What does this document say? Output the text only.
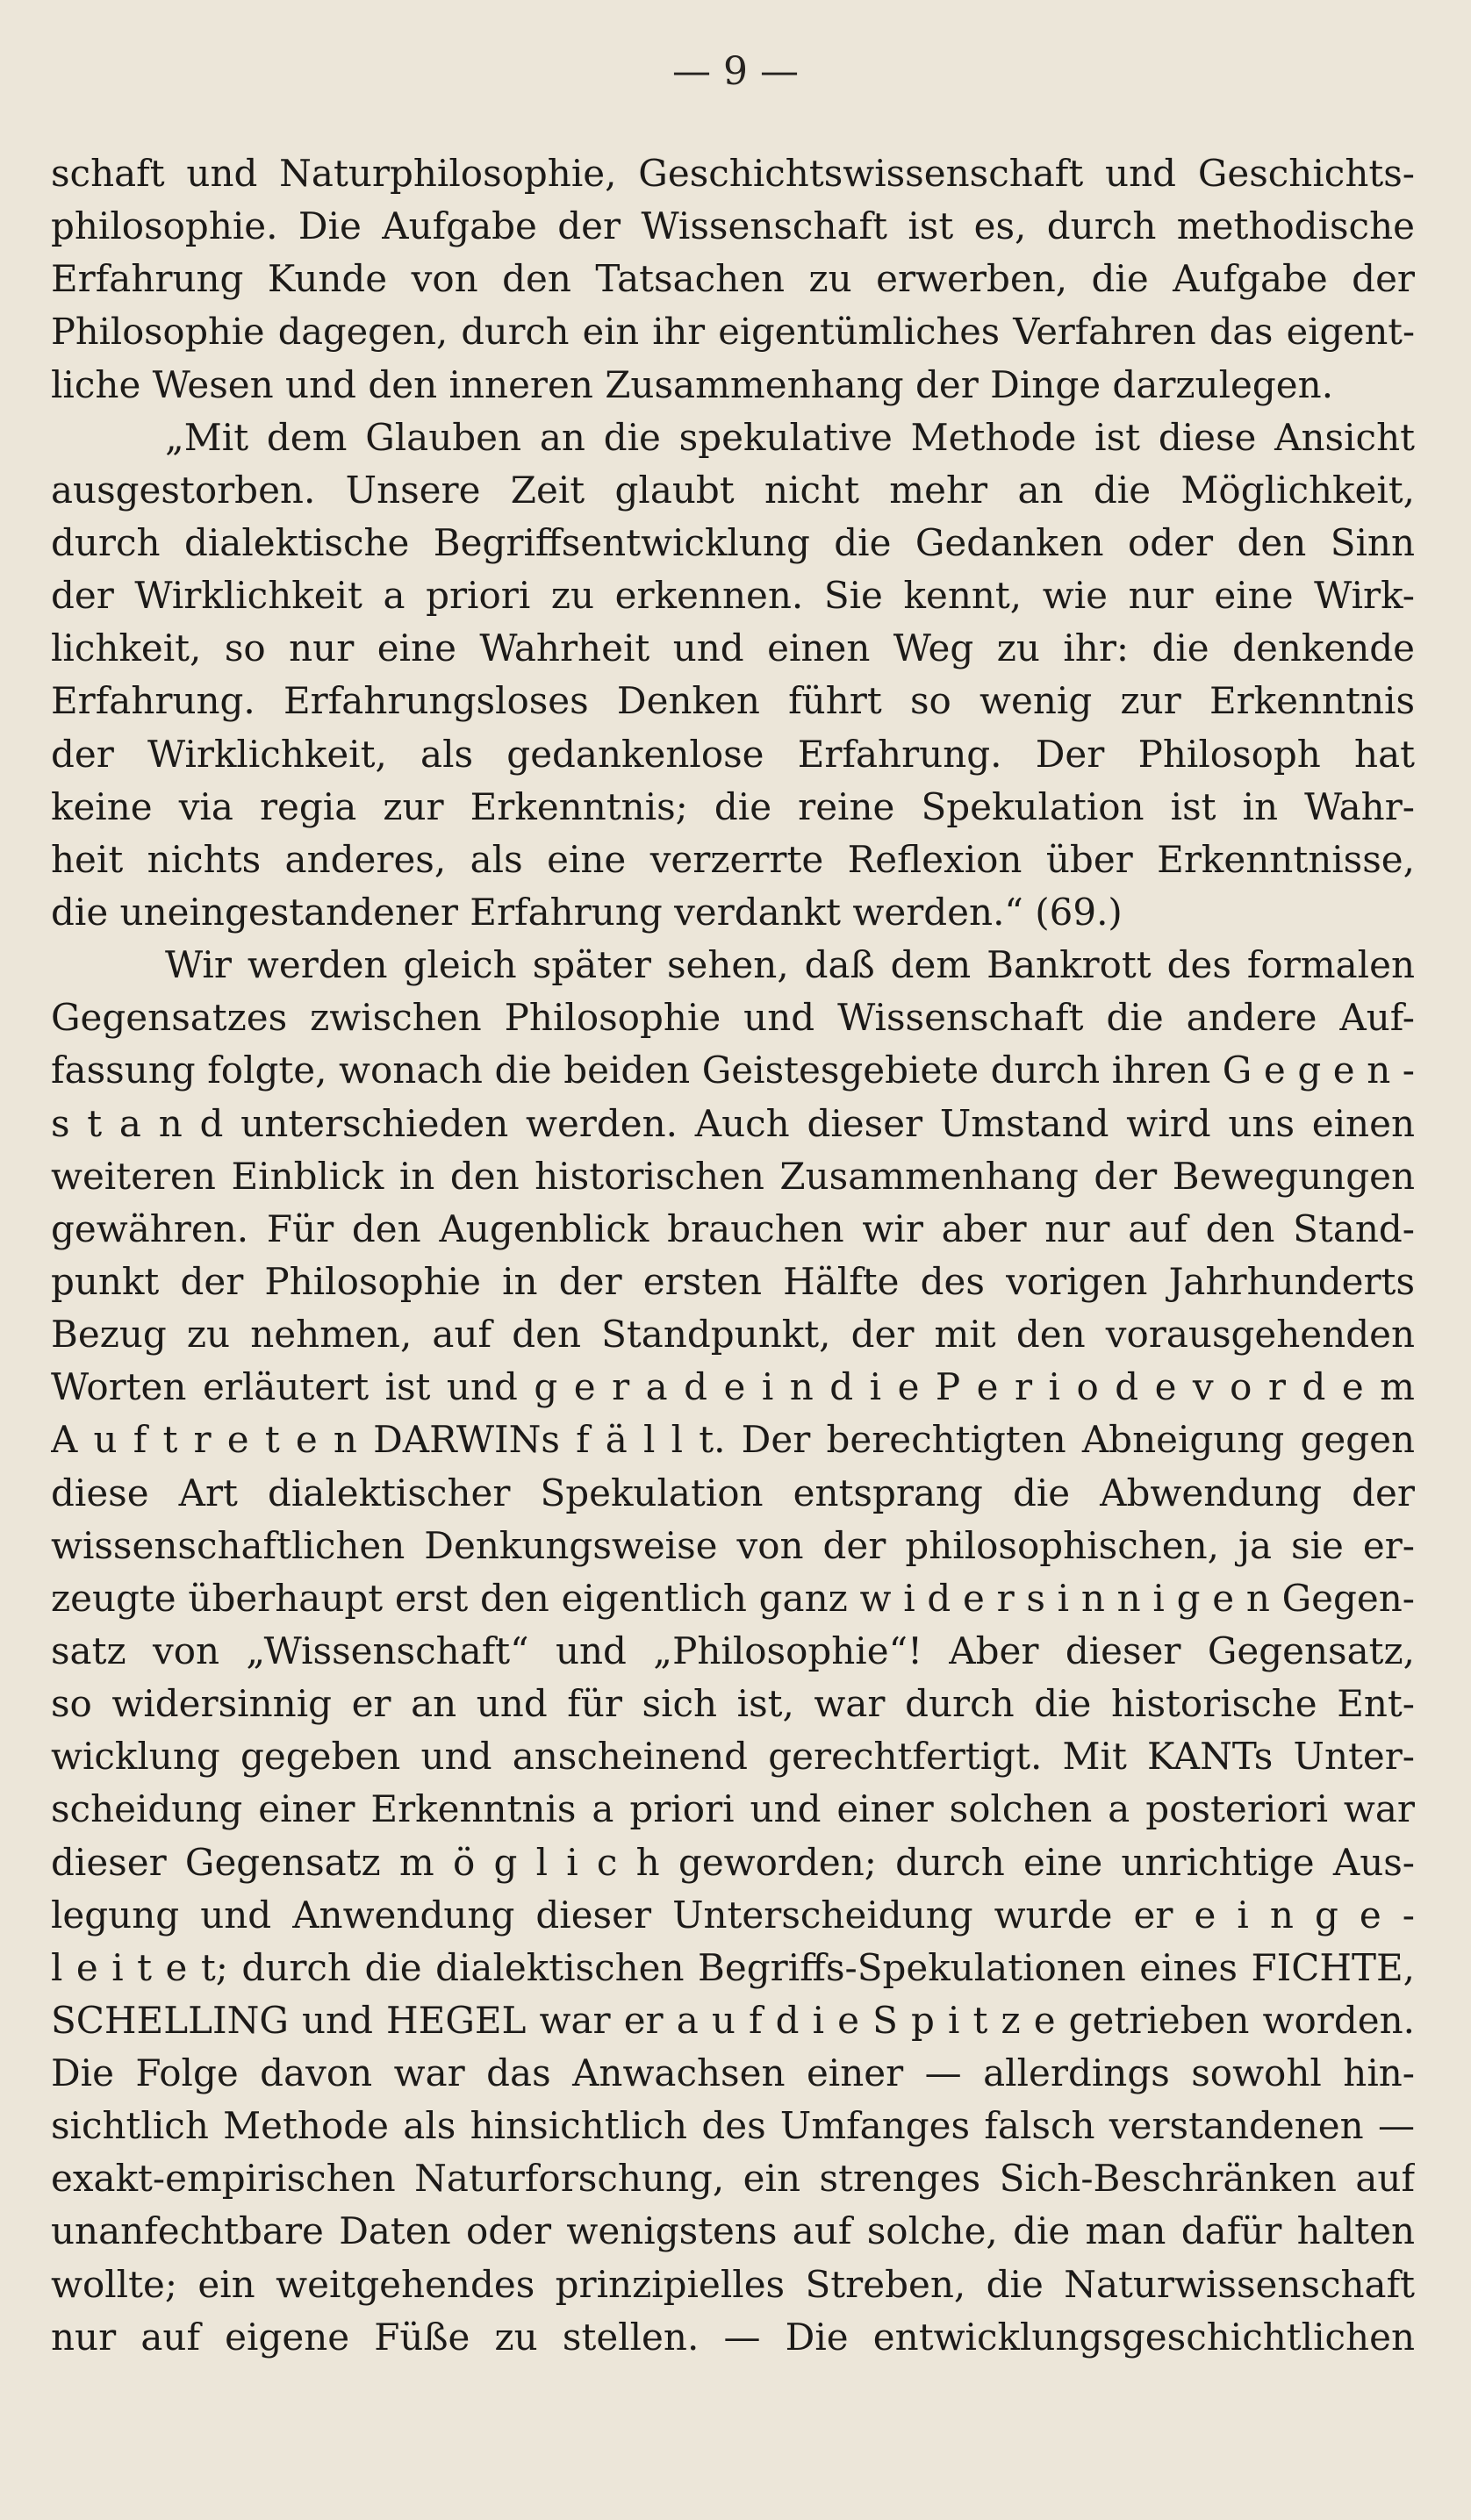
— 9 —
schaft und Naturphilosophie, Geschichtswissenschaft und Geschichts-
philosophie. Die Aufgabe der Wissenschaft ist es, durch methodische
Erfahrung Kunde von den Tatsachen zu erwerben, die Aufgabe der
Philosophie dagegen, durch ein ihr eigentümliches Verfahren das eigent-
liche Wesen und den inneren Zusammenhang der Dinge darzulegen.
„Mit dem Glauben an die spekulative Methode ist diese Ansicht
ausgestorben. Unsere Zeit glaubt nicht mehr an die Möglichkeit,
durch dialektische Begriffsentwicklung die Gedanken oder den Sinn
der Wirklichkeit a priori zu erkennen. Sie kennt, wie nur eine Wirk-
lichkeit, so nur eine Wahrheit und einen Weg zu ihr: die denkende
Erfahrung. Erfahrungsloses Denken führt so wenig zur Erkenntnis
der Wirklichkeit, als gedankenlose Erfahrung. Der Philosoph hat
keine via regia zur Erkenntnis; die reine Spekulation ist in Wahr-
heit nichts anderes, als eine verzerrte Reflexion über Erkenntnisse,
die uneingestandener Erfahrung verdankt werden.“ (69.)
Wir werden gleich später sehen, daß dem Bankrott des formalen
Gegensatzes zwischen Philosophie und Wissenschaft die andere Auf-
fassung folgte, wonach die beiden Geistesgebiete durch ihren G e g e n -
s t a n d unterschieden werden. Auch dieser Umstand wird uns einen
weiteren Einblick in den historischen Zusammenhang der Bewegungen
gewähren. Für den Augenblick brauchen wir aber nur auf den Stand-
punkt der Philosophie in der ersten Hälfte des vorigen Jahrhunderts
Bezug zu nehmen, auf den Standpunkt, der mit den vorausgehenden
Worten erläutert ist und g e r a d e i n d i e P e r i o d e v o r d e m
A u f t r e t e n DARWINs f ä l l t. Der berechtigten Abneigung gegen
diese Art dialektischer Spekulation entsprang die Abwendung der
wissenschaftlichen Denkungsweise von der philosophischen, ja sie er-
zeugte überhaupt erst den eigentlich ganz w i d e r s i n n i g e n Gegen-
satz von „Wissenschaft“ und „Philosophie“! Aber dieser Gegensatz,
so widersinnig er an und für sich ist, war durch die historische Ent-
wicklung gegeben und anscheinend gerechtfertigt. Mit KANTs Unter-
scheidung einer Erkenntnis a priori und einer solchen a posteriori war
dieser Gegensatz m ö g l i c h geworden; durch eine unrichtige Aus-
legung und Anwendung dieser Unterscheidung wurde er e i n g e -
l e i t e t; durch die dialektischen Begriffs-Spekulationen eines FICHTE,
SCHELLING und HEGEL war er a u f d i e S p i t z e getrieben worden.
Die Folge davon war das Anwachsen einer — allerdings sowohl hin-
sichtlich Methode als hinsichtlich des Umfanges falsch verstandenen —
exakt-empirischen Naturforschung, ein strenges Sich-Beschränken auf
unanfechtbare Daten oder wenigstens auf solche, die man dafür halten
wollte; ein weitgehendes prinzipielles Streben, die Naturwissenschaft
nur auf eigene Füße zu stellen. — Die entwicklungsgeschichtlichen
